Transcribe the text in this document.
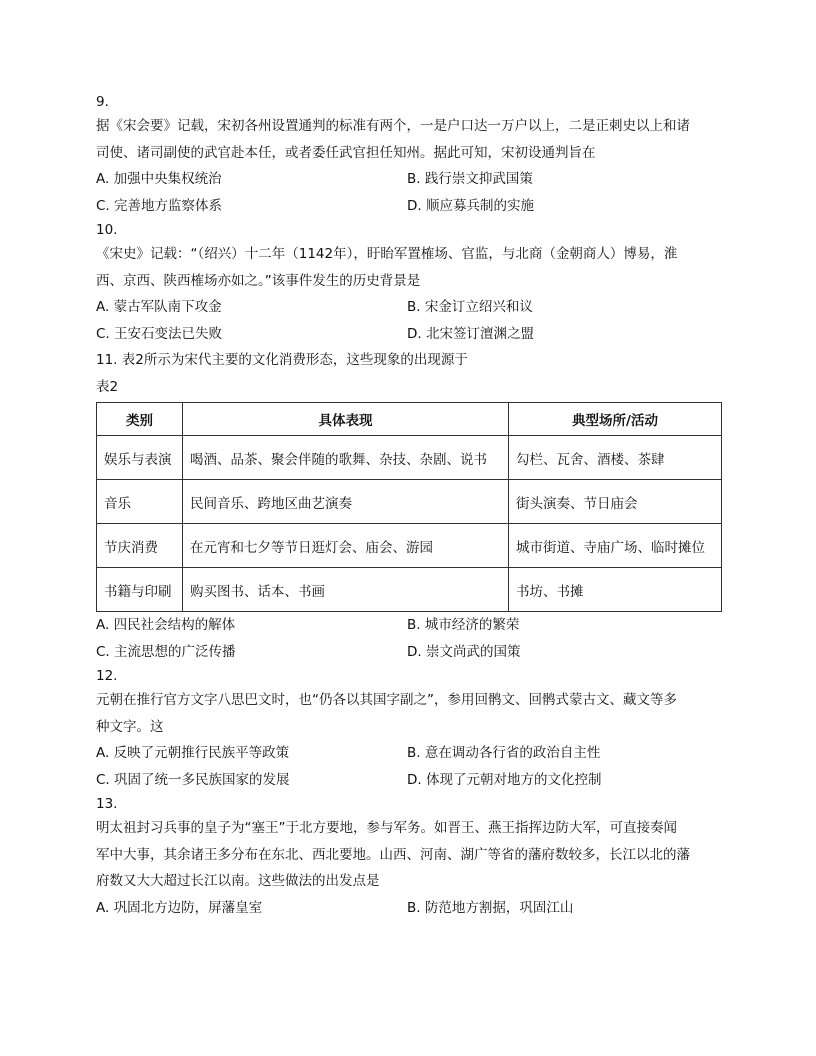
9.
据《宋会要》记载，宋初各州设置通判的标准有两个，一是户口达一万户以上，二是正刺史以上和诸
司使、诸司副使的武官赴本任，或者委任武官担任知州。据此可知，宋初设通判旨在
A. 加强中央集权统治	B. 践行崇文抑武国策
C. 完善地方监察体系	D. 顺应募兵制的实施
10.
《宋史》记载：“（绍兴）十二年（1142年），盱眙军置榷场、官监，与北商（金朝商人）博易，淮
西、京西、陕西榷场亦如之。”该事件发生的历史背景是
A. 蒙古军队南下攻金	B. 宋金订立绍兴和议
C. 王安石变法已失败	D. 北宋签订澶渊之盟
11. 表2所示为宋代主要的文化消费形态，这些现象的出现源于
表2
类别	具体表现	典型场所/活动
娱乐与表演	喝酒、品茶、聚会伴随的歌舞、杂技、杂剧、说书	勾栏、瓦舍、酒楼、茶肆
音乐	民间音乐、跨地区曲艺演奏	街头演奏、节日庙会
节庆消费	在元宵和七夕等节日逛灯会、庙会、游园	城市街道、寺庙广场、临时摊位
书籍与印刷	购买图书、话本、书画	书坊、书摊
A. 四民社会结构的解体	B. 城市经济的繁荣
C. 主流思想的广泛传播	D. 崇文尚武的国策
12.
元朝在推行官方文字八思巴文时，也“仍各以其国字副之”，参用回鹘文、回鹘式蒙古文、藏文等多
种文字。这
A. 反映了元朝推行民族平等政策	B. 意在调动各行省的政治自主性
C. 巩固了统一多民族国家的发展	D. 体现了元朝对地方的文化控制
13.
明太祖封习兵事的皇子为“塞王”于北方要地，参与军务。如晋王、燕王指挥边防大军，可直接奏闻
军中大事，其余诸王多分布在东北、西北要地。山西、河南、湖广等省的藩府数较多，长江以北的藩
府数又大大超过长江以南。这些做法的出发点是
A. 巩固北方边防，屏藩皇室	B. 防范地方割据，巩固江山
